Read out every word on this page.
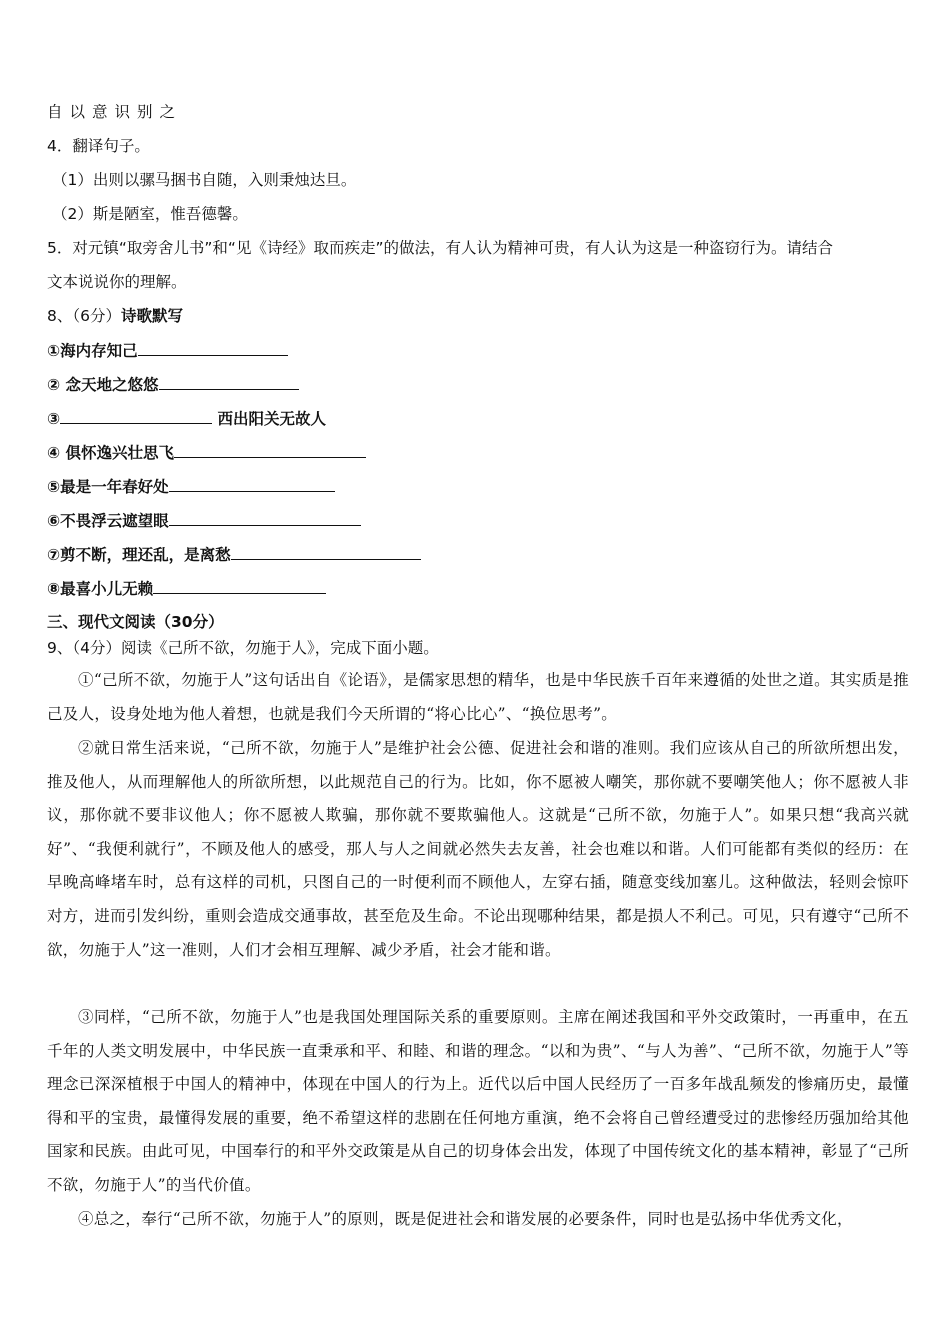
自以意识别之
4．翻译句子。
（1）出则以骡马捆书自随，入则秉烛达旦。
（2）斯是陋室，惟吾德馨。
5．对元镇“取旁舍儿书”和“见《诗经》取而疾走”的做法，有人认为精神可贵，有人认为这是一种盗窃行为。请结合
文本说说你的理解。
8、（6分）诗歌默写
①海内存知己
② 念天地之悠悠
③	西出阳关无故人
④ 俱怀逸兴壮思飞
⑤最是一年春好处
⑥不畏浮云遮望眼
⑦剪不断，理还乱，是离愁
⑧最喜小儿无赖
三、现代文阅读（30分）
9、（4分）阅读《己所不欲，勿施于人》，完成下面小题。
①“己所不欲，勿施于人”这句话出自《论语》，是儒家思想的精华，也是中华民族千百年来遵循的处世之道。其实质是推己及人，设身处地为他人着想，也就是我们今天所谓的“将心比心”、“换位思考”。
②就日常生活来说，“己所不欲，勿施于人”是维护社会公德、促进社会和谐的准则。我们应该从自己的所欲所想出发，推及他人，从而理解他人的所欲所想，以此规范自己的行为。比如，你不愿被人嘲笑，那你就不要嘲笑他人；你不愿被人非议，那你就不要非议他人；你不愿被人欺骗，那你就不要欺骗他人。这就是“己所不欲，勿施于人”。如果只想“我高兴就好”、“我便利就行”，不顾及他人的感受，那人与人之间就必然失去友善，社会也难以和谐。人们可能都有类似的经历：在早晚高峰堵车时，总有这样的司机，只图自己的一时便利而不顾他人，左穿右插，随意变线加塞儿。这种做法，轻则会惊吓对方，进而引发纠纷，重则会造成交通事故，甚至危及生命。不论出现哪种结果，都是损人不利己。可见，只有遵守“己所不欲，勿施于人”这一准则，人们才会相互理解、减少矛盾，社会才能和谐。
③同样，“己所不欲，勿施于人”也是我国处理国际关系的重要原则。主席在阐述我国和平外交政策时，一再重申，在五千年的人类文明发展中，中华民族一直秉承和平、和睦、和谐的理念。“以和为贵”、“与人为善”、“己所不欲，勿施于人”等理念已深深植根于中国人的精神中，体现在中国人的行为上。近代以后中国人民经历了一百多年战乱频发的惨痛历史，最懂得和平的宝贵，最懂得发展的重要，绝不希望这样的悲剧在任何地方重演，绝不会将自己曾经遭受过的悲惨经历强加给其他国家和民族。由此可见，中国奉行的和平外交政策是从自己的切身体会出发，体现了中国传统文化的基本精神，彰显了“己所不欲，勿施于人”的当代价值。
④总之，奉行“己所不欲，勿施于人”的原则，既是促进社会和谐发展的必要条件，同时也是弘扬中华优秀文化，
